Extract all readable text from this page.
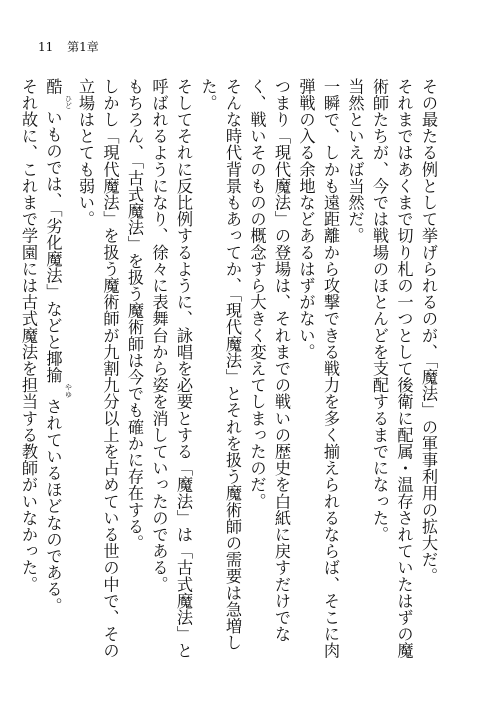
11 第1章

その最たる例として挙げられるのが、「魔法」の軍事利用の拡大だ。

それまではあくまで切り札の一つとして後衛に配属・温存されていたはずの魔術師たちが、今では戦場のほとんどを支配するまでになった。

当然といえば当然だ。

一瞬で、しかも遠距離から攻撃できる戦力を多く揃えられるならば、そこに肉弾戦の入る余地などあるはずがない。

つまり「現代魔法」の登場は、それまでの戦いの歴史を白紙に戻すだけでなく、戦いそのものの概念すら大きく変えてしまったのだ。

そんな時代背景もあってか、「現代魔法」とそれを扱う魔術師の需要は急増した。

そしてそれに反比例するように、詠唱を必要とする「魔法」は「古式魔法」と呼ばれるようになり、徐々に表舞台から姿を消していったのである。

もちろん、「古式魔法」を扱う魔術師は今でも確かに存在する。

しかし「現代魔法」を扱う魔術師が九割九分以上を占めている世の中で、その立場はとても弱い。

酷ひどいものでは、「劣化魔法」などと揶揄やゆされているほどなのである。

それ故に、これまで学園には古式魔法を担当する教師がいなかった。
